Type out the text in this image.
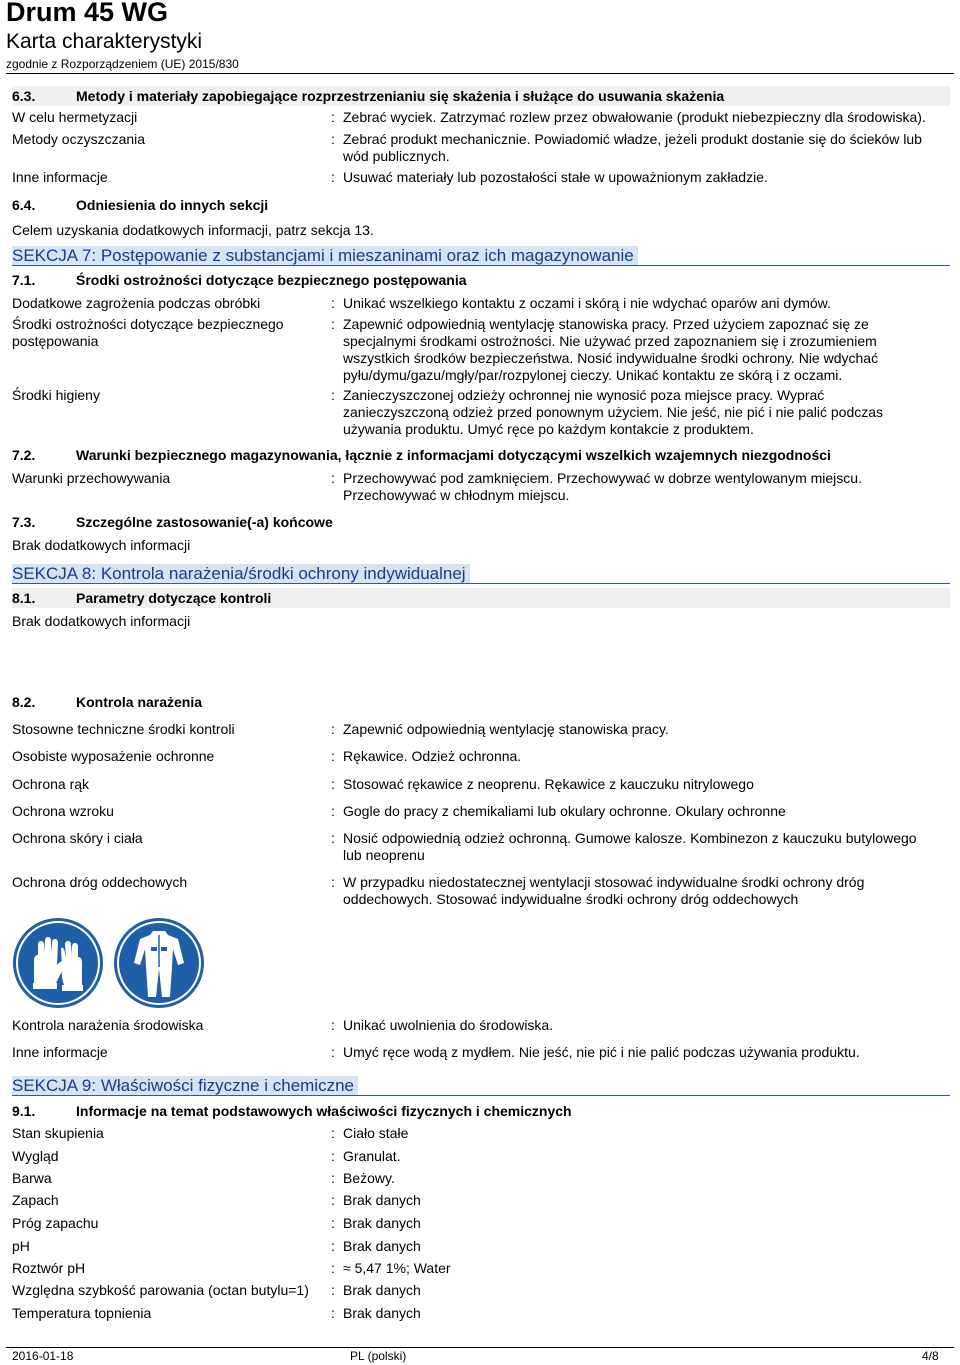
Drum 45 WG
Karta charakterystyki
zgodnie z Rozporządzeniem (UE) 2015/830
6.3.	Metody i materiały zapobiegające rozprzestrzenianiu się skażenia i służące do usuwania skażenia
W celu hermetyzacji	: Zebrać wyciek. Zatrzymać rozlew przez obwałowanie (produkt niebezpieczny dla środowiska).
Metody oczyszczania	: Zebrać produkt mechanicznie. Powiadomić władze, jeżeli produkt dostanie się do ścieków lub wód publicznych.
Inne informacje	: Usuwać materiały lub pozostałości stałe w upoważnionym zakładzie.
6.4.	Odniesienia do innych sekcji
Celem uzyskania dodatkowych informacji, patrz sekcja 13.
SEKCJA 7: Postępowanie z substancjami i mieszaninami oraz ich magazynowanie
7.1.	Środki ostrożności dotyczące bezpiecznego postępowania
Dodatkowe zagrożenia podczas obróbki	: Unikać wszelkiego kontaktu z oczami i skórą i nie wdychać oparów ani dymów.
Środki ostrożności dotyczące bezpiecznego postępowania
: Zapewnić odpowiednią wentylację stanowiska pracy. Przed użyciem zapoznać się ze specjalnymi środkami ostrożności. Nie używać przed zapoznaniem się i zrozumieniem wszystkich środków bezpieczeństwa. Nosić indywidualne środki ochrony. Nie wdychać pyłu/dymu/gazu/mgły/par/rozpylonej cieczy. Unikać kontaktu ze skórą i z oczami.
Środki higieny	: Zanieczyszczonej odzieży ochronnej nie wynosić poza miejsce pracy. Wyprać zanieczyszczoną odzież przed ponownym użyciem. Nie jeść, nie pić i nie palić podczas używania produktu. Umyć ręce po każdym kontakcie z produktem.
7.2.	Warunki bezpiecznego magazynowania, łącznie z informacjami dotyczącymi wszelkich wzajemnych niezgodności
Warunki przechowywania	: Przechowywać pod zamknięciem. Przechowywać w dobrze wentylowanym miejscu. Przechowywać w chłodnym miejscu.
7.3.	Szczególne zastosowanie(-a) końcowe
Brak dodatkowych informacji
SEKCJA 8: Kontrola narażenia/środki ochrony indywidualnej
8.1.	Parametry dotyczące kontroli
Brak dodatkowych informacji
8.2.	Kontrola narażenia
Stosowne techniczne środki kontroli	: Zapewnić odpowiednią wentylację stanowiska pracy.
Osobiste wyposażenie ochronne	: Rękawice. Odzież ochronna.
Ochrona rąk	: Stosować rękawice z neoprenu. Rękawice z kauczuku nitrylowego
Ochrona wzroku	: Gogle do pracy z chemikaliami lub okulary ochronne. Okulary ochronne
Ochrona skóry i ciała	: Nosić odpowiednią odzież ochronną. Gumowe kalosze. Kombinezon z kauczuku butylowego lub neoprenu
Ochrona dróg oddechowych	: W przypadku niedostatecznej wentylacji stosować indywidualne środki ochrony dróg oddechowych. Stosować indywidualne środki ochrony dróg oddechowych
Kontrola narażenia środowiska	: Unikać uwolnienia do środowiska.
Inne informacje	: Umyć ręce wodą z mydłem. Nie jeść, nie pić i nie palić podczas używania produktu.
SEKCJA 9: Właściwości fizyczne i chemiczne
9.1.	Informacje na temat podstawowych właściwości fizycznych i chemicznych
Stan skupienia	: Ciało stałe
Wygląd	: Granulat.
Barwa	: Beżowy.
Zapach	: Brak danych
Próg zapachu	: Brak danych
pH	: Brak danych
Roztwór pH	: ≈ 5,47 1%; Water
Względna szybkość parowania (octan butylu=1)	: Brak danych
Temperatura topnienia	: Brak danych
2016-01-18	PL (polski)	4/8
